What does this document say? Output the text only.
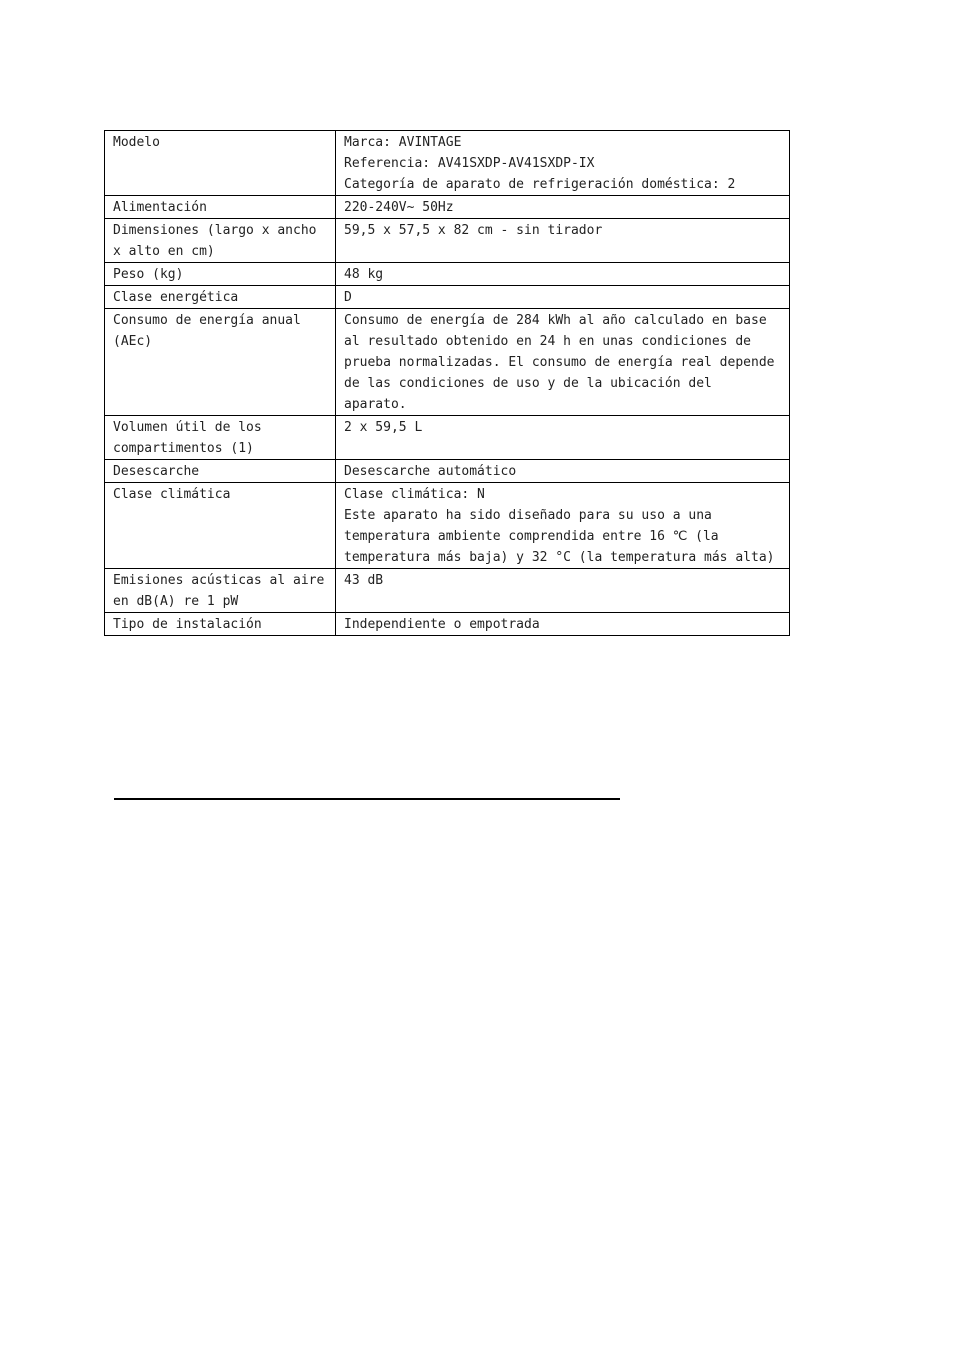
Modelo	Marca: AVINTAGE
Referencia: AV41SXDP-AV41SXDP-IX
Categoría de aparato de refrigeración doméstica: 2

Alimentación	220-240V~ 50Hz

Dimensiones (largo x ancho x alto en cm)	59,5 x 57,5 x 82 cm - sin tirador

Peso (kg)	48 kg

Clase energética	D

Consumo de energía anual (AEc)	Consumo de energía de 284 kWh al año calculado en base al resultado obtenido en 24 h en unas condiciones de prueba normalizadas. El consumo de energía real depende de las condiciones de uso y de la ubicación del aparato.

Volumen útil de los compartimentos (1)	2 x 59,5 L

Desescarche	Desescarche automático

Clase climática	Clase climática: N
Este aparato ha sido diseñado para su uso a una temperatura ambiente comprendida entre 16 ℃ (la temperatura más baja) y 32 °C (la temperatura más alta)

Emisiones acústicas al aire en dB(A) re 1 pW	43 dB

Tipo de instalación	Independiente o empotrada
